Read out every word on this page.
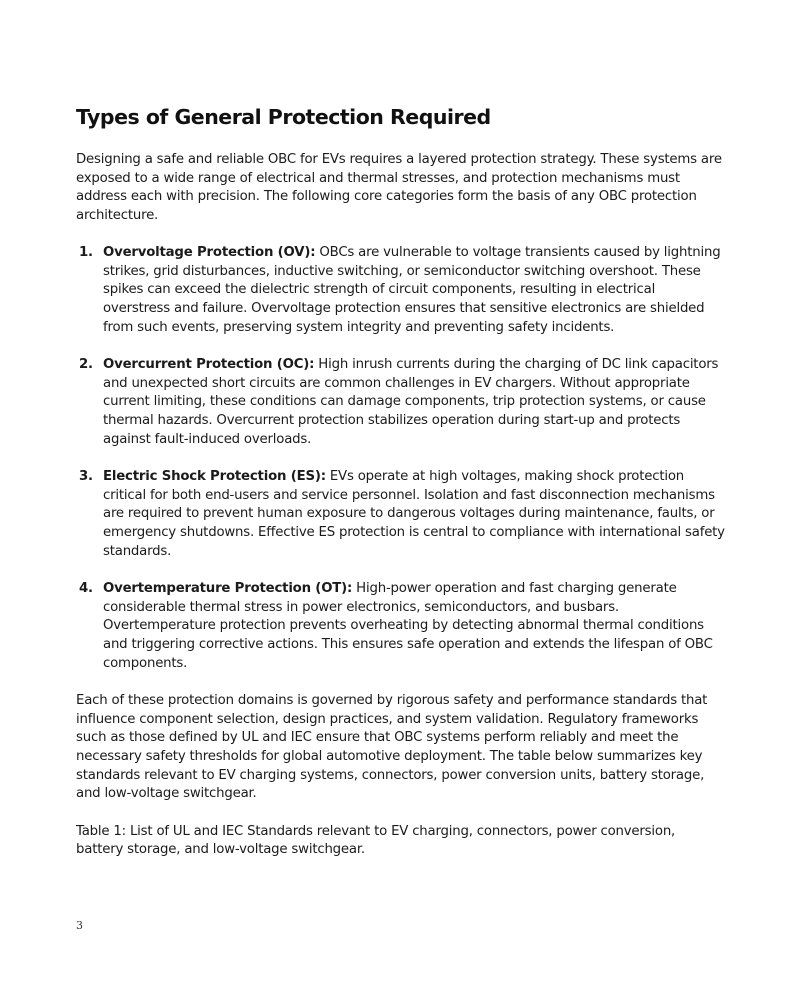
Types of General Protection Required

Designing a safe and reliable OBC for EVs requires a layered protection strategy. These systems are exposed to a wide range of electrical and thermal stresses, and protection mechanisms must address each with precision. The following core categories form the basis of any OBC protection architecture.

1. Overvoltage Protection (OV): OBCs are vulnerable to voltage transients caused by lightning strikes, grid disturbances, inductive switching, or semiconductor switching overshoot. These spikes can exceed the dielectric strength of circuit components, resulting in electrical overstress and failure. Overvoltage protection ensures that sensitive electronics are shielded from such events, preserving system integrity and preventing safety incidents.
2. Overcurrent Protection (OC): High inrush currents during the charging of DC link capacitors and unexpected short circuits are common challenges in EV chargers. Without appropriate current limiting, these conditions can damage components, trip protection systems, or cause thermal hazards. Overcurrent protection stabilizes operation during start-up and protects against fault-induced overloads.
3. Electric Shock Protection (ES): EVs operate at high voltages, making shock protection critical for both end-users and service personnel. Isolation and fast disconnection mechanisms are required to prevent human exposure to dangerous voltages during maintenance, faults, or emergency shutdowns. Effective ES protection is central to compliance with international safety standards.
4. Overtemperature Protection (OT): High-power operation and fast charging generate considerable thermal stress in power electronics, semiconductors, and busbars. Overtemperature protection prevents overheating by detecting abnormal thermal conditions and triggering corrective actions. This ensures safe operation and extends the lifespan of OBC components.

Each of these protection domains is governed by rigorous safety and performance standards that influence component selection, design practices, and system validation. Regulatory frameworks such as those defined by UL and IEC ensure that OBC systems perform reliably and meet the necessary safety thresholds for global automotive deployment. The table below summarizes key standards relevant to EV charging systems, connectors, power conversion units, battery storage, and low-voltage switchgear.

Table 1: List of UL and IEC Standards relevant to EV charging, connectors, power conversion, battery storage, and low-voltage switchgear.

3
